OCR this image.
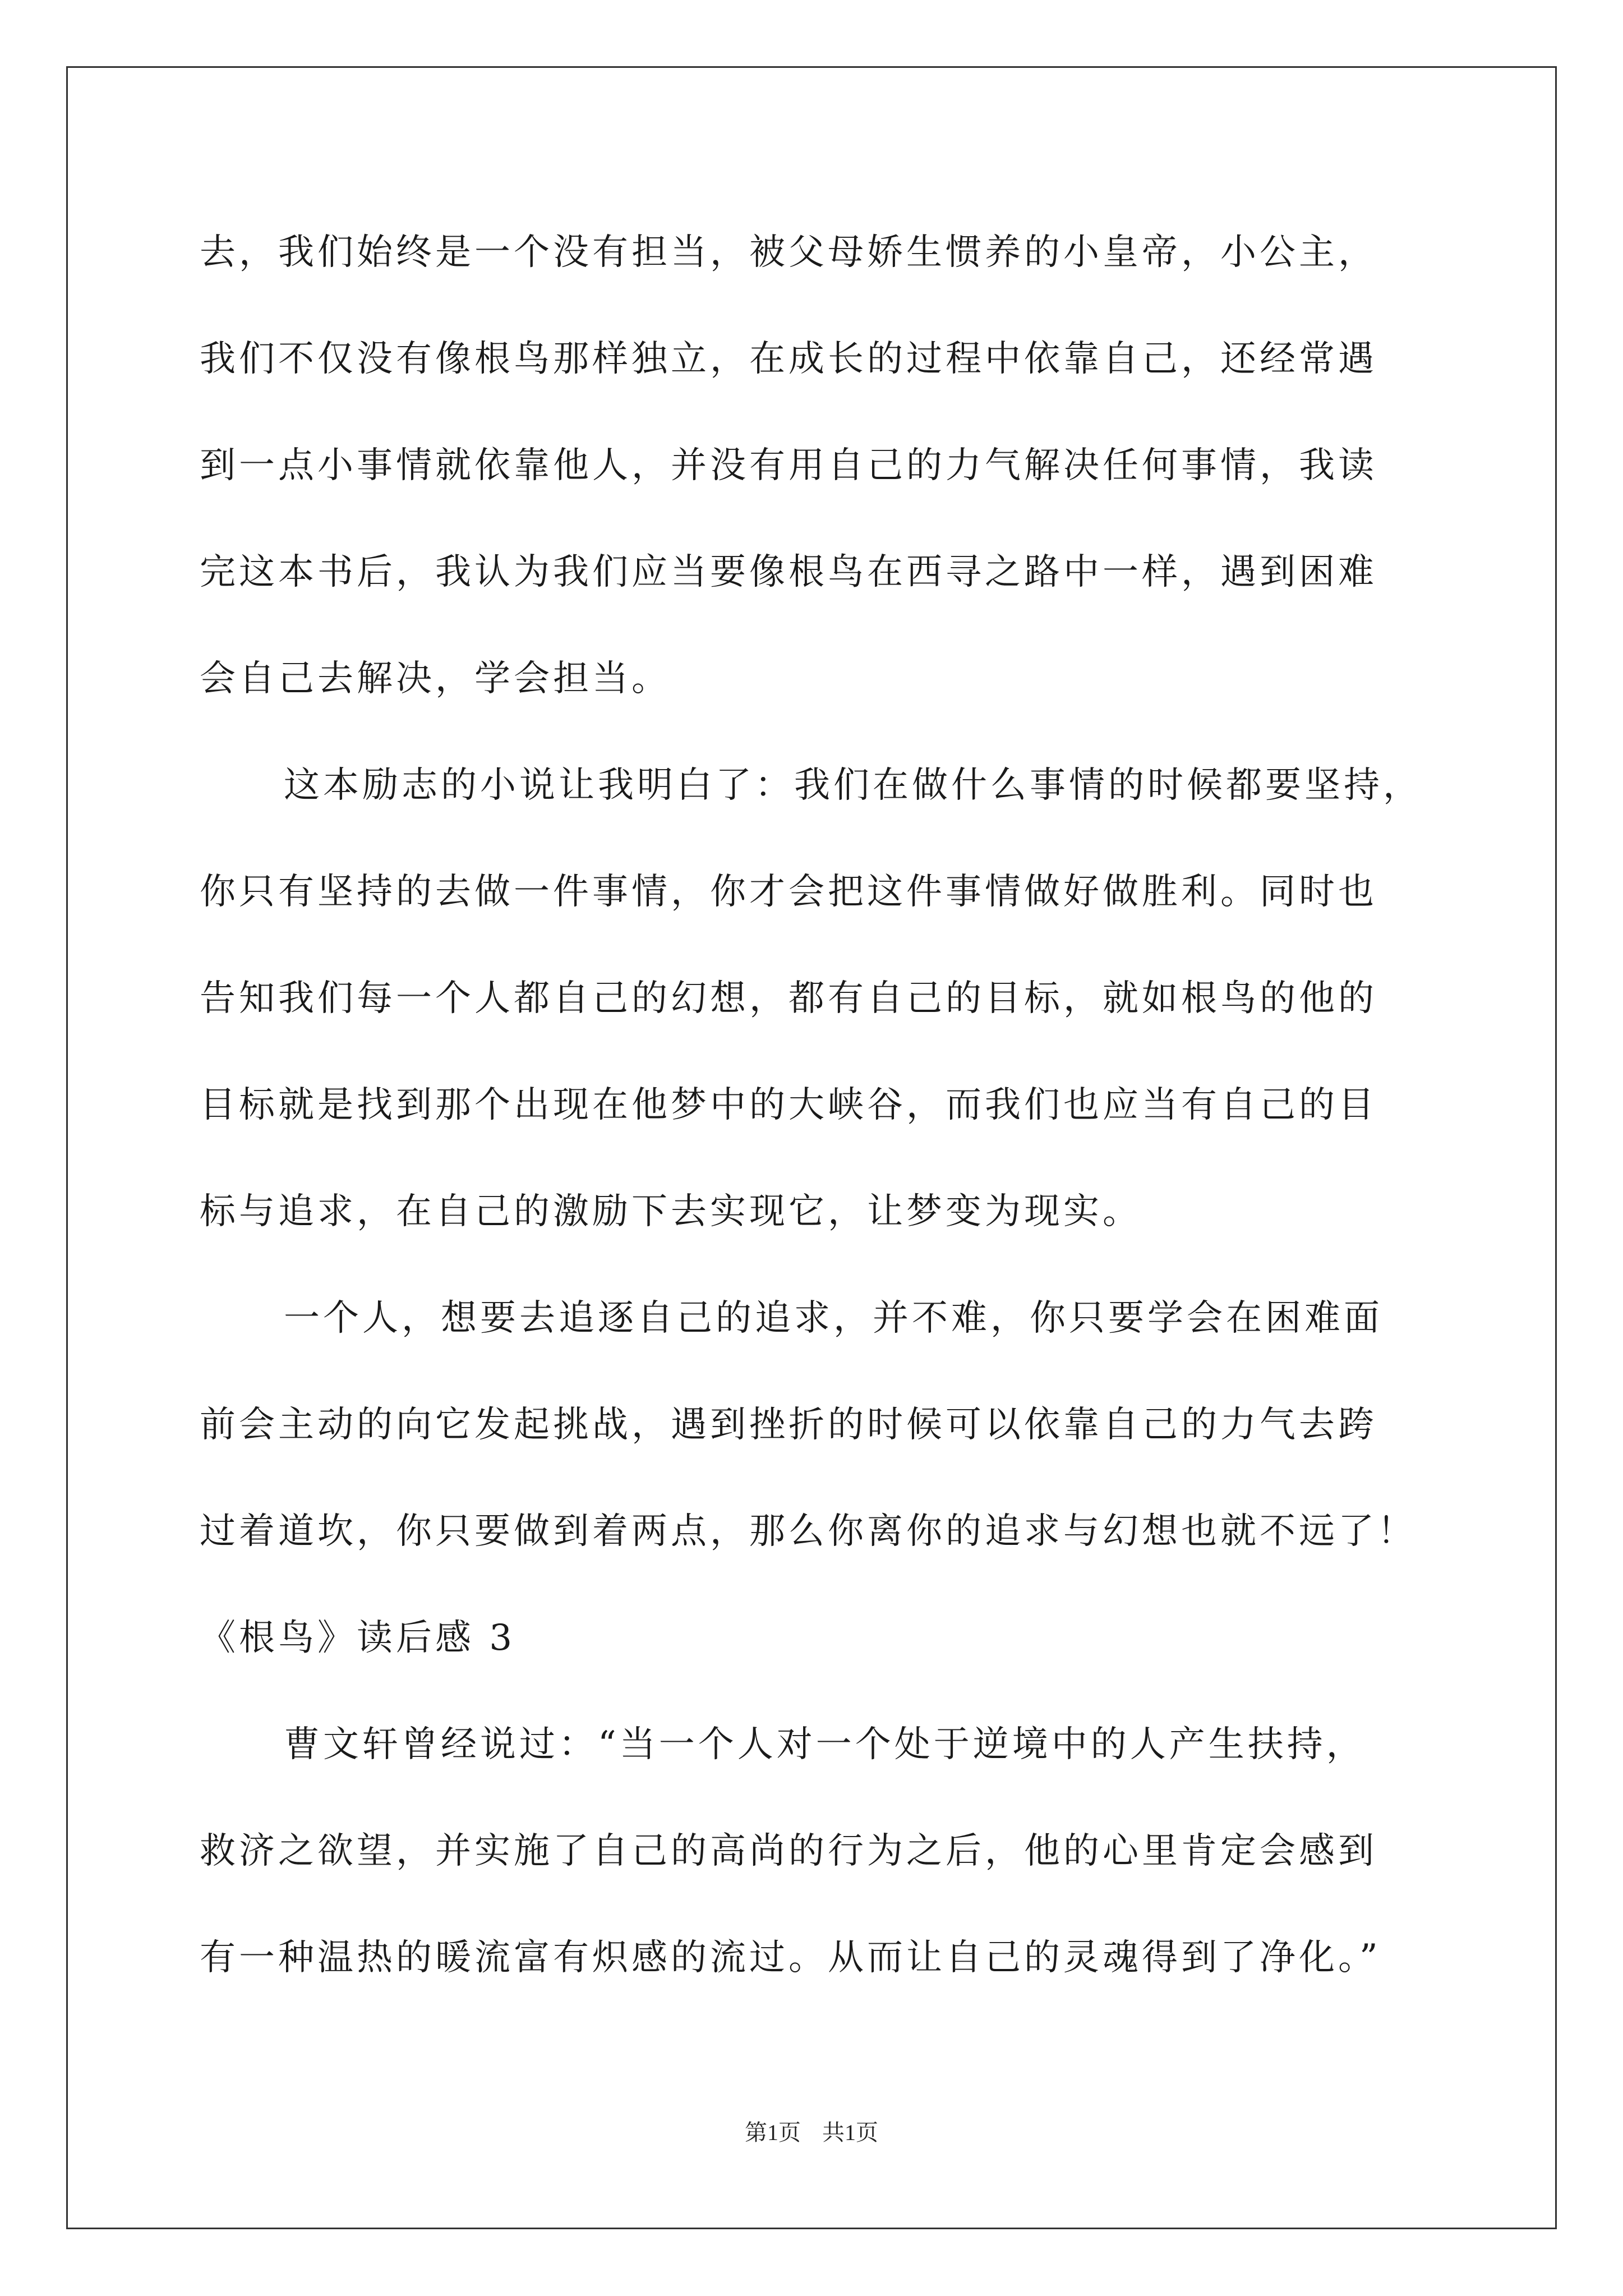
去，我们始终是一个没有担当，被父母娇生惯养的小皇帝，小公主，
我们不仅没有像根鸟那样独立，在成长的过程中依靠自己，还经常遇
到一点小事情就依靠他人，并没有用自己的力气解决任何事情，我读
完这本书后，我认为我们应当要像根鸟在西寻之路中一样，遇到困难
会自己去解决，学会担当。
这本励志的小说让我明白了：我们在做什么事情的时候都要坚持，
你只有坚持的去做一件事情，你才会把这件事情做好做胜利。同时也
告知我们每一个人都自己的幻想，都有自己的目标，就如根鸟的他的
目标就是找到那个出现在他梦中的大峡谷，而我们也应当有自己的目
标与追求，在自己的激励下去实现它，让梦变为现实。
一个人，想要去追逐自己的追求，并不难，你只要学会在困难面
前会主动的向它发起挑战，遇到挫折的时候可以依靠自己的力气去跨
过着道坎，你只要做到着两点，那么你离你的追求与幻想也就不远了！
《根鸟》读后感 3
曹文轩曾经说过：“当一个人对一个处于逆境中的人产生扶持，
救济之欲望，并实施了自己的高尚的行为之后，他的心里肯定会感到
有一种温热的暖流富有炽感的流过。从而让自己的灵魂得到了净化。”
第1页 共1页
